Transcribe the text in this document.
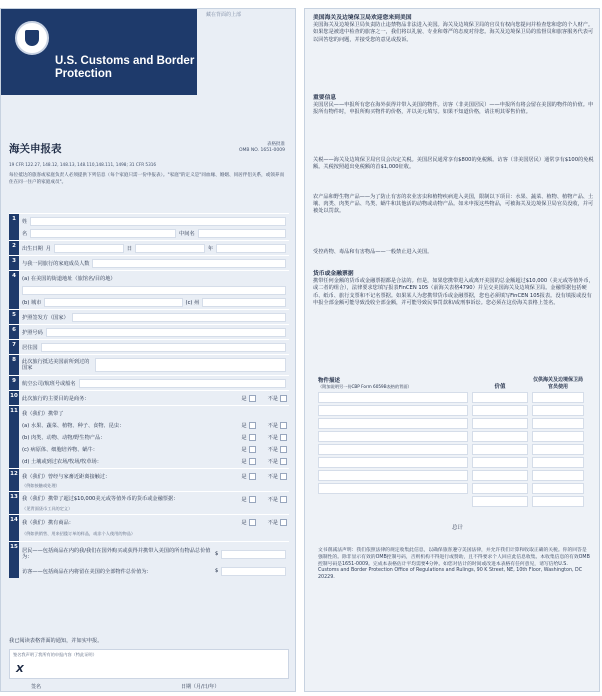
U.S. Customs and Border Protection
藏在背面的上部
海关申报表	表格批准
OMB NO. 1651-0009
19 CFR 122.27, 148.12, 148.13, 148.110,148.111, 1498; 31 CFR 5316
每位抵达的旅客或家庭负责人必须提供下列信息（每个家庭只需一份申报表）。"家庭"的定义是"同血缘、婚姻、同居伴侣关系，或领养而住在同一住户的家庭成员"。
1	姓
名	中间名
2	出生日期 月	日	年
3	与我一同旅行的家庭成员人数
4	(a) 在美国的街道地址（旅馆名/目的地）
(b) 城市	(c) 州
5	护照签发方（国家）
6	护照号码
7	居住国
8	此次旅行抵达美国前所到过的国家
9	航空公司/航班号或船名
10 此次旅行的主要目的是商务：	是	不是
11 我（我们）携带了
(a) 水果、蔬菜、植物、种子、食物、昆虫：	是	不是
(b) 肉类、动物、动物/野生物产品：	是	不是
(c) 病原体、细胞培养物、蜗牛：	是	不是
(d) 土壤或到过农场/牧场/牧草场：	是	不是
12 我（我们）曾经与家畜近距离接触过：	是	不是
（例如接触或处理）
13 我（我们）携带了超过$10,000美元或等值外币的货币或金融票据：	是	不是
（见背面货币工具的定义）
14 我（我们）携有商品：	是	不是
（例如供销售、用来招揽订单的样品，或非个人使用的物品）
15
居民——包括商品在内的我/我们在国外购买或获得并携带入美国的所有物品总价值为：	$
访客——包括商品在内将留在美国的全部物件总价值为：	$
我已阅读表格背面的通知，并如实申报。
签名我声明了我所有的申报内容（特此证明）
X
签名	日期（月/日/年）
美国海关及边境保卫局欢迎您来到美国
美国海关及边境保卫局负责防止违禁物品非法进入美国。海关及边境保卫局的官员有权向您提问并检查您和您的个人财产。如果您是被选中检查的旅客之一，我们将以礼貌、专业和尊严的态度对待您。海关及边境保卫局的监督员和旅客服务代表可以回答您的问题，并接受您的意见或投诉。
重要信息
美国居民——申报所有您在海外获得并带入美国的物件。访客（非美国居民）——申报所有将会留在美国的物件的价值。申报所有物件时，申报所购买物件的价格，并以美元填写。如果不知道价格，请注明其零售价值。
关税——海关及边境保卫局官员会决定关税。美国居民通常享有$800的免税额。访客（非美国居民）通常享有$100的免税额。关税按照超出免税额的首$1,000征收。
农产品和野生物产品——为了防止有害的农业害虫和植物疾病进入美国，限制以下项目：水果、蔬菜、植物、植物产品、土壤、肉类、肉类产品、鸟类、蜗牛和其他活的动物或动物产品。如未申报这些物品，可被海关及边境保卫局官员没收，并可被处以罚款。
受控药物、毒品和有害物品——一般禁止进入美国。
货币或金融票据
携带任何金额的货币或金融票据都是合法的。但是，如果您携带进入或离开美国的总金额超过$10,000（美元或等值外币，或二者的组合），法律要求您填写报表FinCEN 105（前海关表格4790）并呈交美国海关及边境保卫局。金融票据包括硬币、纸币、旅行支票和不记名票据。如果某人为您携带货币或金融票据，您也必须填写FinCEN 105报表。没有填报或没有申报全部金额可能导致没收全部金额，并可能导致民事罚款和/或刑事诉讼。您必须在这份海关表格上签名。
物件描述
（附加说明另一份CBP Form 6059B表格的背面）	价值
仅供海关及边境保卫局官员使用
总计
文书削减法声明：我们依照法律的规定收集此信息，以确保旅客遵守美国法律，并允许我们计算和收取正确的关税。你的回答是强制性的。除非显示有效的OMB控制号码，否则机构不得进行或赞助，且不得要求个人回应此信息收集。本收集信息的有效OMB控制号码是1651-0009。完成本表格估计平均需要4分钟。如您对估计的时间或改进本表格有任何意见，请写信给U.S. Customs and Border Protection Office of Regulations and Rulings, 90 K Street, NE, 10th Floor, Washington, DC 20229.
